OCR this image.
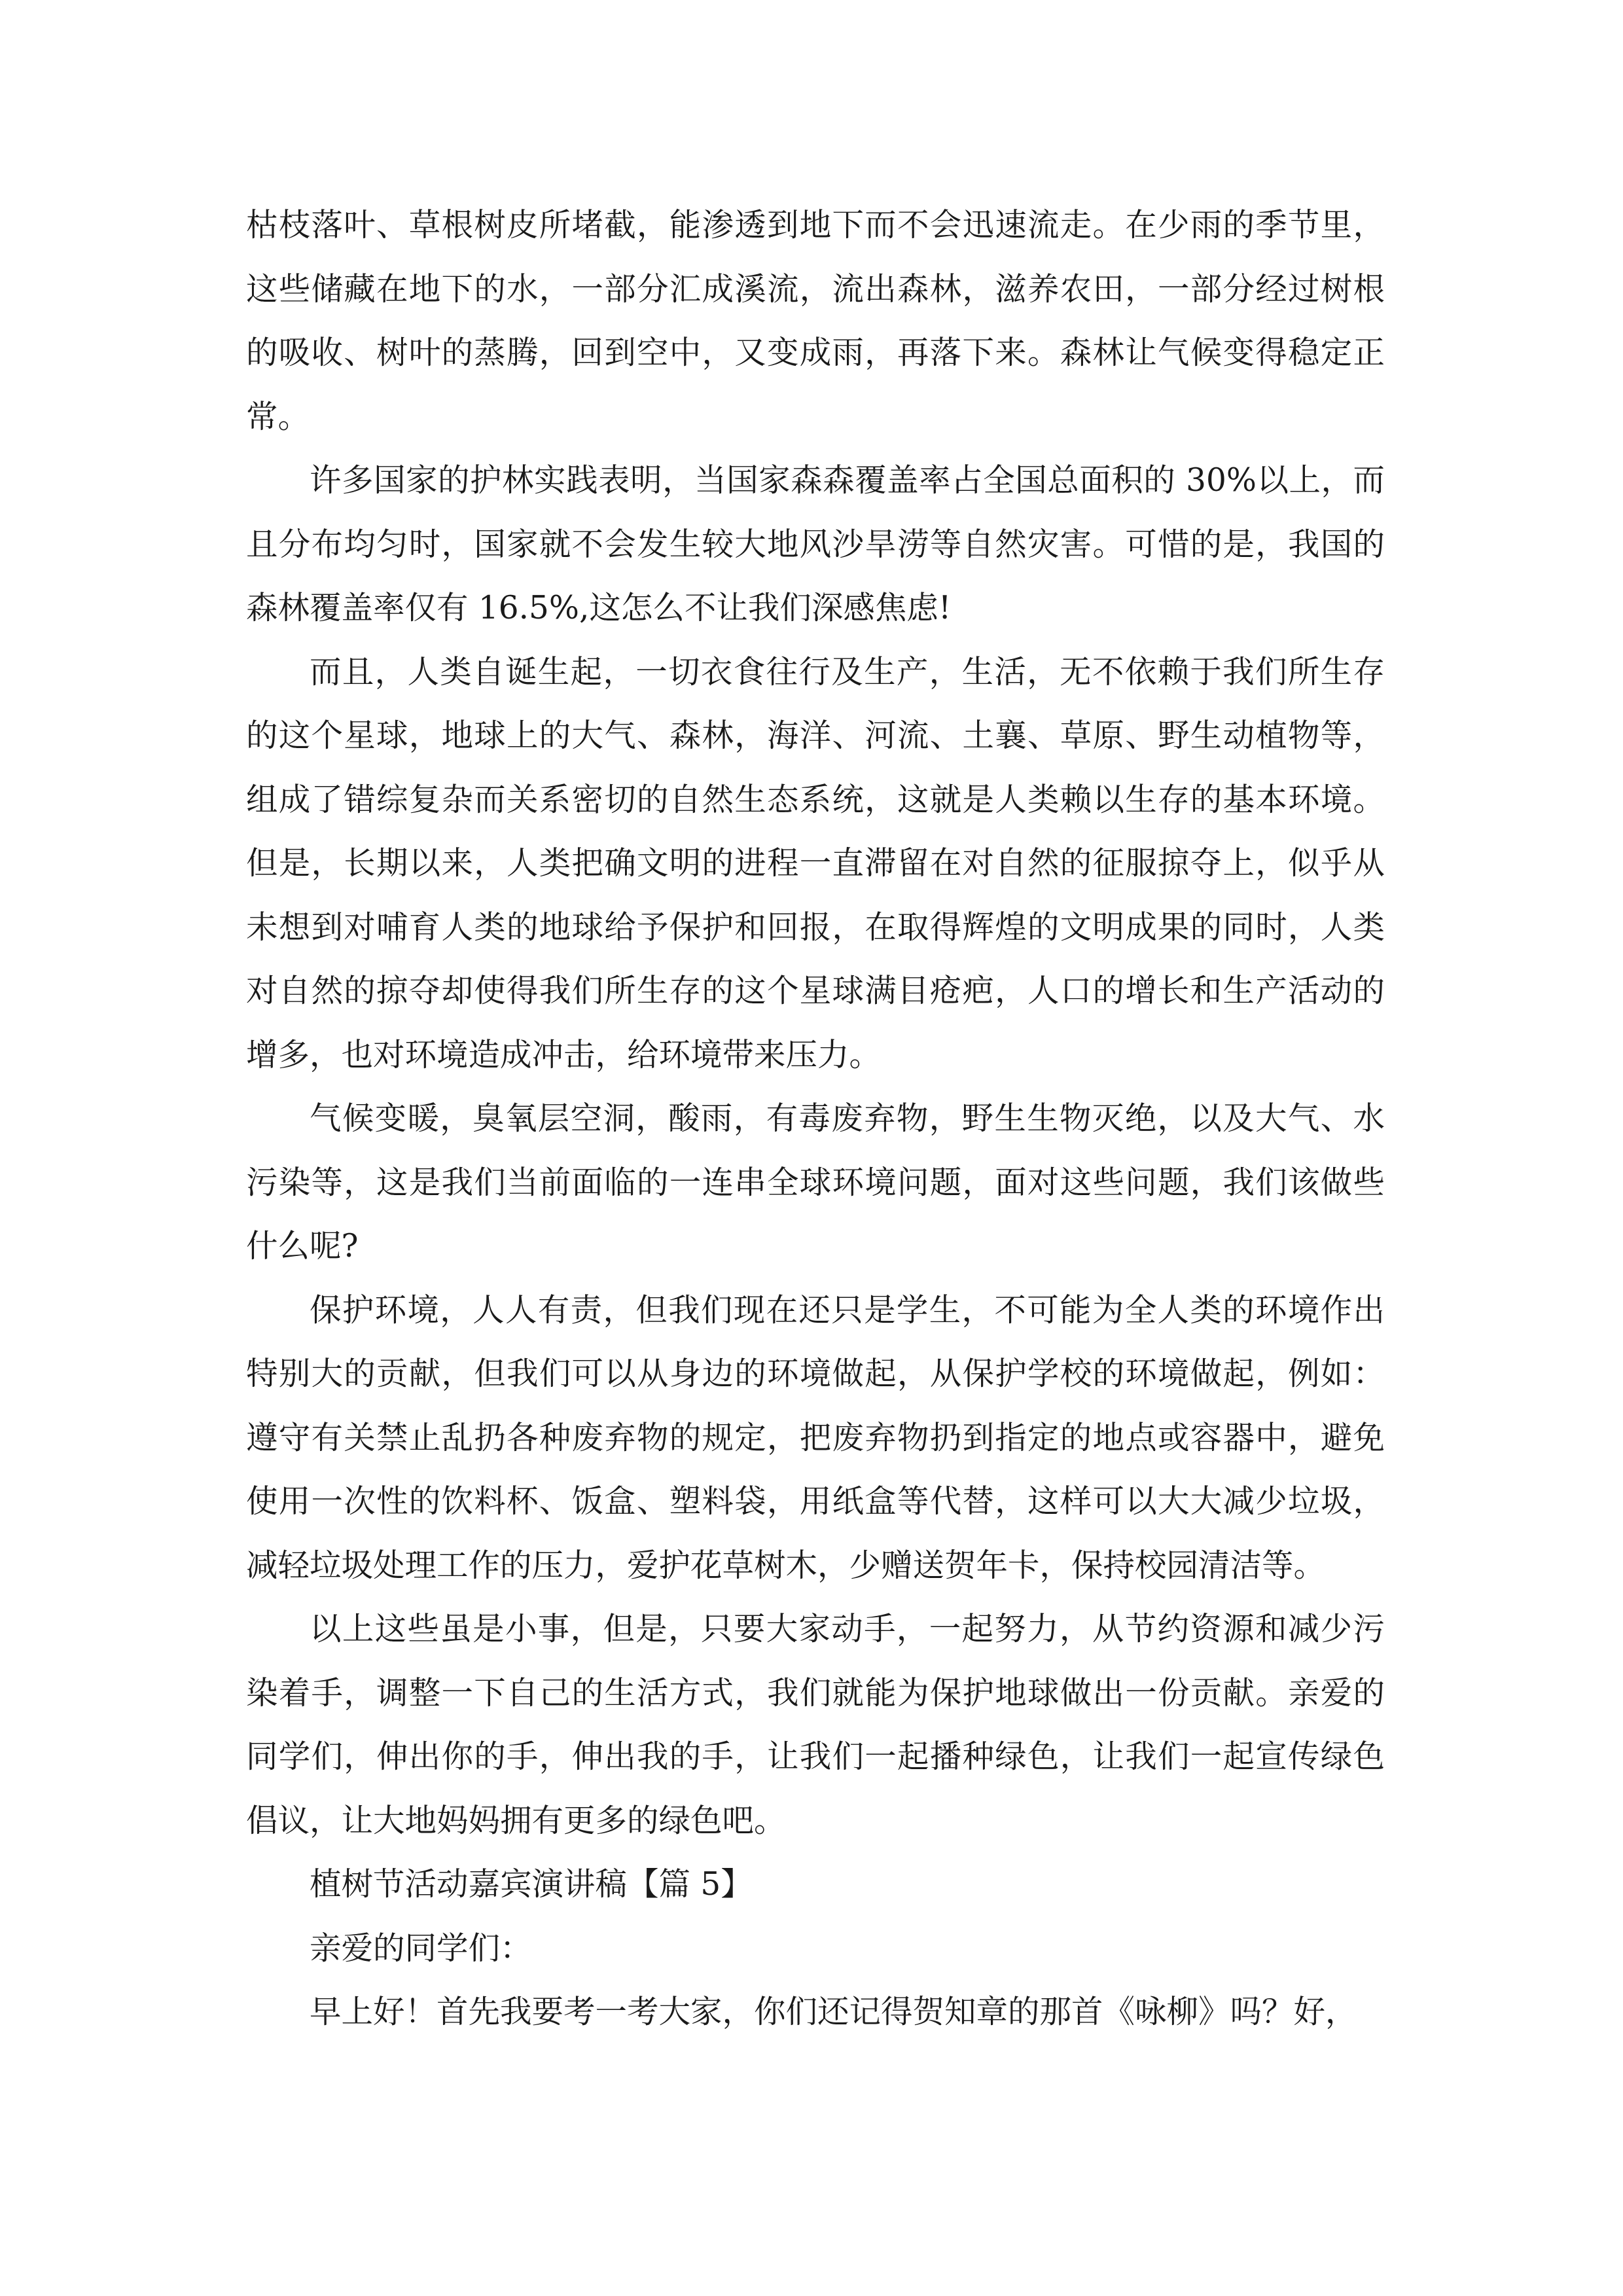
枯枝落叶、草根树皮所堵截，能渗透到地下而不会迅速流走。在少雨的季节里，这些储藏在地下的水，一部分汇成溪流，流出森林，滋养农田，一部分经过树根的吸收、树叶的蒸腾，回到空中，又变成雨，再落下来。森林让气候变得稳定正常。

许多国家的护林实践表明，当国家森森覆盖率占全国总面积的 30%以上，而且分布均匀时，国家就不会发生较大地风沙旱涝等自然灾害。可惜的是，我国的森林覆盖率仅有 16.5%,这怎么不让我们深感焦虑!

而且，人类自诞生起，一切衣食往行及生产，生活，无不依赖于我们所生存的这个星球，地球上的大气、森林，海洋、河流、土襄、草原、野生动植物等，组成了错综复杂而关系密切的自然生态系统，这就是人类赖以生存的基本环境。但是，长期以来，人类把确文明的进程一直滞留在对自然的征服掠夺上，似乎从未想到对哺育人类的地球给予保护和回报，在取得辉煌的文明成果的同时，人类对自然的掠夺却使得我们所生存的这个星球满目疮疤，人口的增长和生产活动的增多，也对环境造成冲击，给环境带来压力。

气候变暖，臭氧层空洞，酸雨，有毒废弃物，野生生物灭绝，以及大气、水污染等，这是我们当前面临的一连串全球环境问题，面对这些问题，我们该做些什么呢?

保护环境，人人有责，但我们现在还只是学生，不可能为全人类的环境作出特别大的贡献，但我们可以从身边的环境做起，从保护学校的环境做起，例如：遵守有关禁止乱扔各种废弃物的规定，把废弃物扔到指定的地点或容器中，避免使用一次性的饮料杯、饭盒、塑料袋，用纸盒等代替，这样可以大大减少垃圾，减轻垃圾处理工作的压力，爱护花草树木，少赠送贺年卡，保持校园清洁等。

以上这些虽是小事，但是，只要大家动手，一起努力，从节约资源和减少污染着手，调整一下自己的生活方式，我们就能为保护地球做出一份贡献。亲爱的同学们，伸出你的手，伸出我的手，让我们一起播种绿色，让我们一起宣传绿色倡议，让大地妈妈拥有更多的绿色吧。

植树节活动嘉宾演讲稿【篇 5】

亲爱的同学们：

早上好！首先我要考一考大家，你们还记得贺知章的那首《咏柳》吗？好，
